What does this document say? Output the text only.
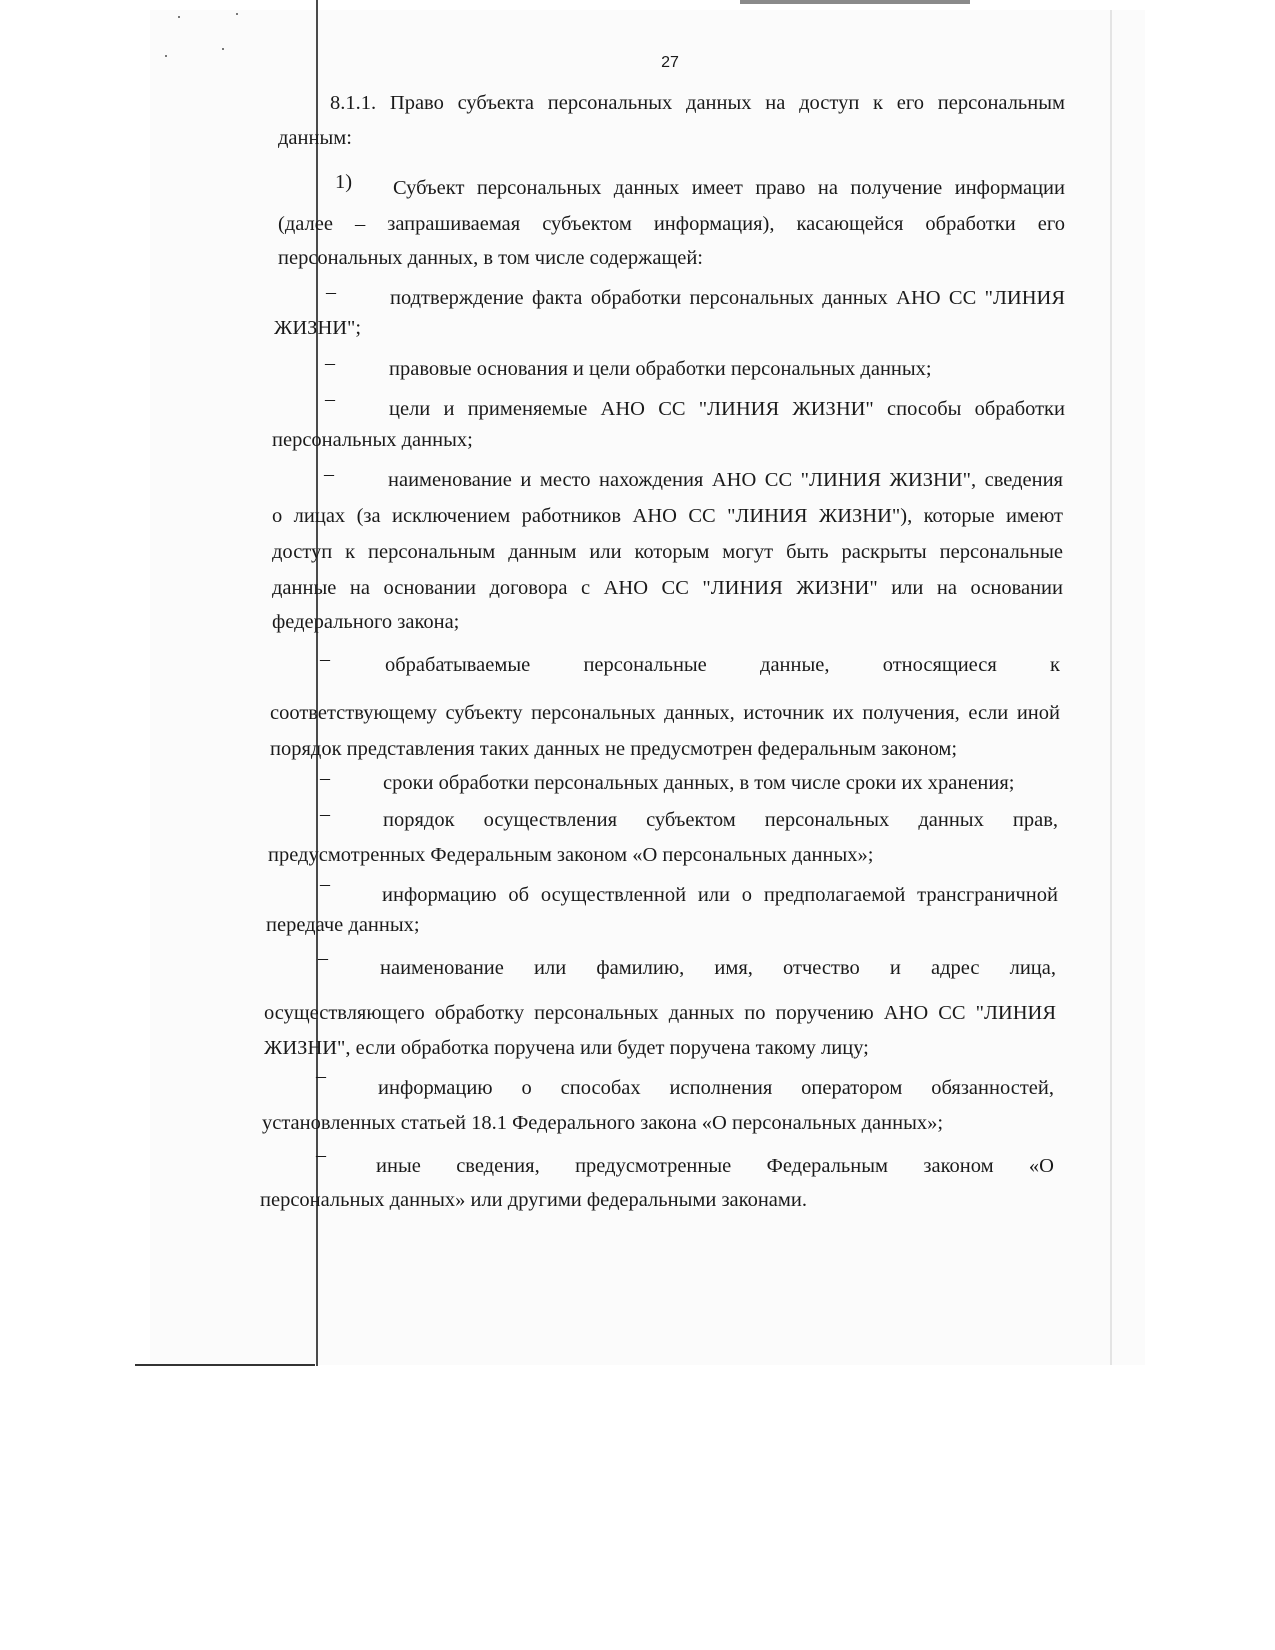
27
8.1.1. Право субъекта персональных данных на доступ к его персональным
данным:
1) Субъект персональных данных имеет право на получение информации
(далее – запрашиваемая субъектом информация), касающейся обработки его
персональных данных, в том числе содержащей:
–	подтверждение факта обработки персональных данных АНО СС "ЛИНИЯ
ЖИЗНИ";
–	правовые основания и цели обработки персональных данных;
–	цели и применяемые АНО СС "ЛИНИЯ ЖИЗНИ" способы обработки
персональных данных;
–	наименование и место нахождения АНО СС "ЛИНИЯ ЖИЗНИ", сведения
о лицах (за исключением работников АНО СС "ЛИНИЯ ЖИЗНИ"), которые имеют
доступ к персональным данным или которым могут быть раскрыты персональные
данные на основании договора с АНО СС "ЛИНИЯ ЖИЗНИ" или на основании
федерального закона;
–	обрабатываемые персональные данные, относящиеся к
соответствующему субъекту персональных данных, источник их получения, если иной
порядок представления таких данных не предусмотрен федеральным законом;
–	сроки обработки персональных данных, в том числе сроки их хранения;
–	порядок осуществления субъектом персональных данных прав,
предусмотренных Федеральным законом «О персональных данных»;
–	информацию об осуществленной или о предполагаемой трансграничной
передаче данных;
–	наименование или фамилию, имя, отчество и адрес лица,
осуществляющего обработку персональных данных по поручению АНО СС "ЛИНИЯ
ЖИЗНИ", если обработка поручена или будет поручена такому лицу;
–
информацию о способах исполнения оператором обязанностей,
установленных статьей 18.1 Федерального закона «О персональных данных»;
– иные сведения, предусмотренные Федеральным законом «О
персональных данных» или другими федеральными законами.
